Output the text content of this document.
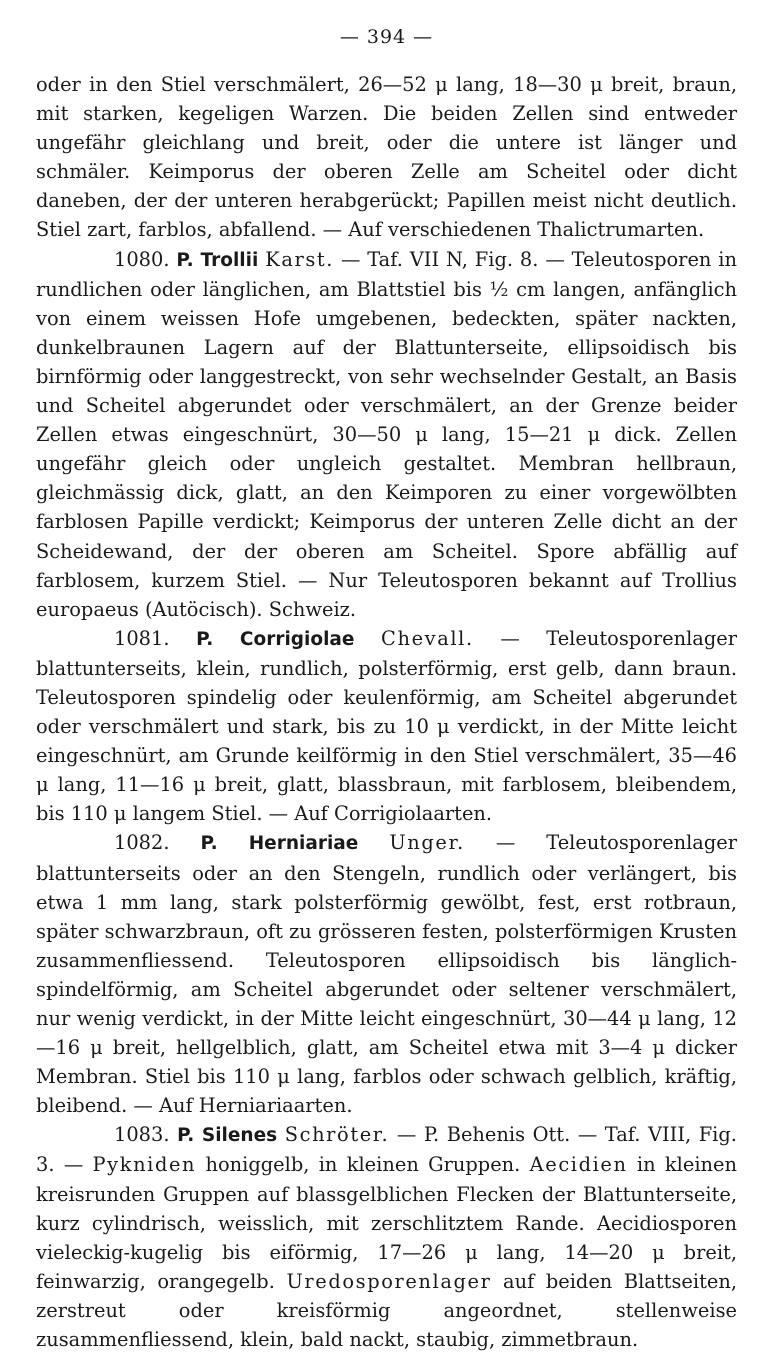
— 394 —

oder in den Stiel verschmälert, 26—52 μ lang, 18—30 μ breit, braun, mit starken, kegeligen Warzen. Die beiden Zellen sind entweder ungefähr gleichlang und breit, oder die untere ist länger und schmäler. Keimporus der oberen Zelle am Scheitel oder dicht daneben, der der unteren herabgerückt; Papillen meist nicht deutlich. Stiel zart, farblos, abfallend. — Auf verschiedenen Thalictrumarten.

1080. P. Trollii Karst. — Taf. VII N, Fig. 8. — Teleutosporen in rundlichen oder länglichen, am Blattstiel bis ½ cm langen, anfänglich von einem weissen Hofe umgebenen, bedeckten, später nackten, dunkelbraunen Lagern auf der Blattunterseite, ellipsoidisch bis birnförmig oder langgestreckt, von sehr wechselnder Gestalt, an Basis und Scheitel abgerundet oder verschmälert, an der Grenze beider Zellen etwas eingeschnürt, 30—50 μ lang, 15—21 μ dick. Zellen ungefähr gleich oder ungleich gestaltet. Membran hellbraun, gleichmässig dick, glatt, an den Keimporen zu einer vorgewölbten farblosen Papille verdickt; Keimporus der unteren Zelle dicht an der Scheidewand, der der oberen am Scheitel. Spore abfällig auf farblosem, kurzem Stiel. — Nur Teleutosporen bekannt auf Trollius europaeus (Autöcisch). Schweiz.

1081. P. Corrigiolae Chevall. — Teleutosporenlager blattunterseits, klein, rundlich, polsterförmig, erst gelb, dann braun. Teleutosporen spindelig oder keulenförmig, am Scheitel abgerundet oder verschmälert und stark, bis zu 10 μ verdickt, in der Mitte leicht eingeschnürt, am Grunde keilförmig in den Stiel verschmälert, 35—46 μ lang, 11—16 μ breit, glatt, blassbraun, mit farblosem, bleibendem, bis 110 μ langem Stiel. — Auf Corrigiolaarten.

1082. P. Herniariae Unger. — Teleutosporenlager blattunterseits oder an den Stengeln, rundlich oder verlängert, bis etwa 1 mm lang, stark polsterförmig gewölbt, fest, erst rotbraun, später schwarzbraun, oft zu grösseren festen, polsterförmigen Krusten zusammenfliessend. Teleutosporen ellipsoidisch bis länglich-spindelförmig, am Scheitel abgerundet oder seltener verschmälert, nur wenig verdickt, in der Mitte leicht eingeschnürt, 30—44 μ lang, 12—16 μ breit, hellgelblich, glatt, am Scheitel etwa mit 3—4 μ dicker Membran. Stiel bis 110 μ lang, farblos oder schwach gelblich, kräftig, bleibend. — Auf Herniariaarten.

1083. P. Silenes Schröter. — P. Behenis Ott. — Taf. VIII, Fig. 3. — Pykniden honiggelb, in kleinen Gruppen. Aecidien in kleinen kreisrunden Gruppen auf blassgelblichen Flecken der Blattunterseite, kurz cylindrisch, weisslich, mit zerschlitztem Rande. Aecidiosporen vieleckig-kugelig bis eiförmig, 17—26 μ lang, 14—20 μ breit, feinwarzig, orangegelb. Uredosporenlager auf beiden Blattseiten, zerstreut oder kreisförmig angeordnet, stellenweise zusammenfliessend, klein, bald nackt, staubig, zimmetbraun.
